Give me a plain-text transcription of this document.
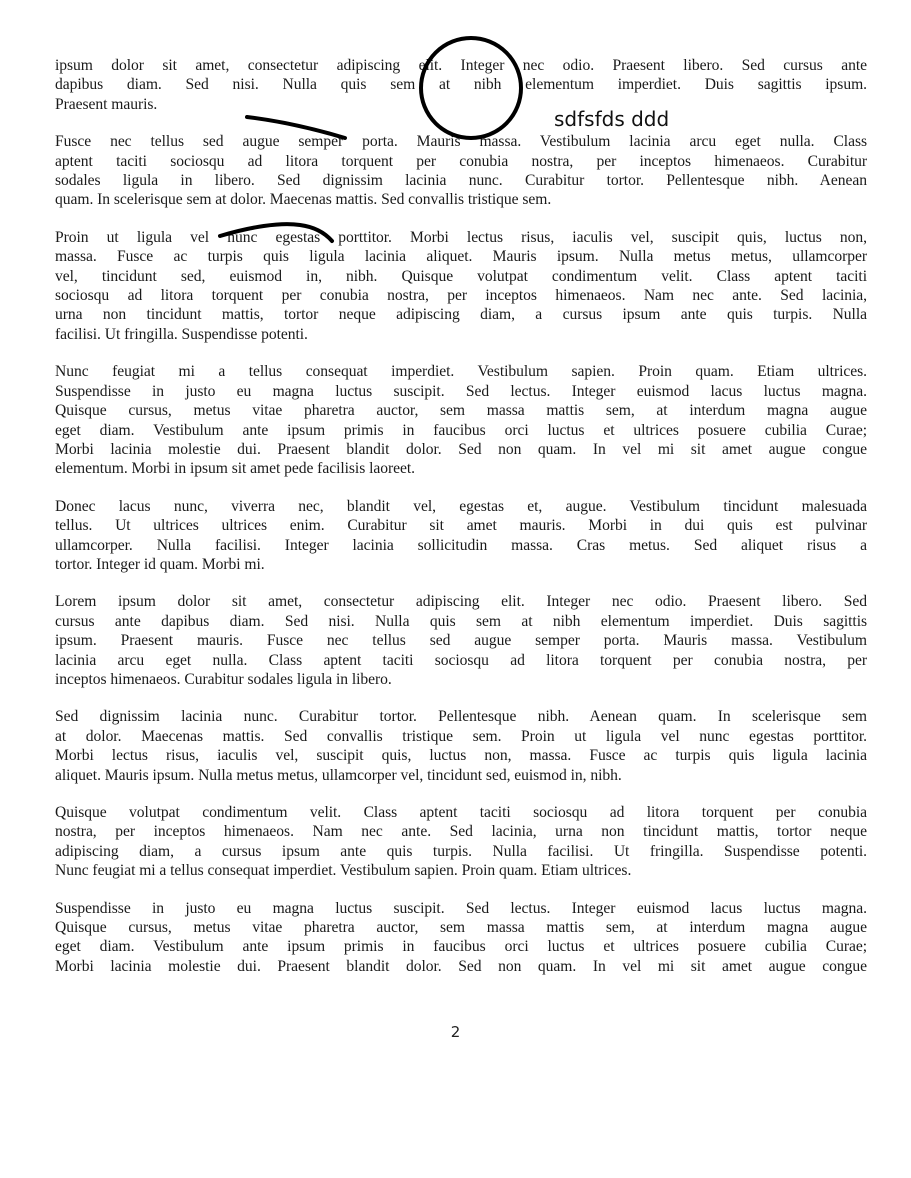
ipsum dolor sit amet, consectetur adipiscing elit. Integer nec odio. Praesent libero. Sed cursus ante
dapibus diam. Sed nisi. Nulla quis sem at nibh elementum imperdiet. Duis sagittis ipsum.
Praesent mauris.

Fusce nec tellus sed augue semper porta. Mauris massa. Vestibulum lacinia arcu eget nulla. Class
aptent taciti sociosqu ad litora torquent per conubia nostra, per inceptos himenaeos. Curabitur
sodales ligula in libero. Sed dignissim lacinia nunc. Curabitur tortor. Pellentesque nibh. Aenean
quam. In scelerisque sem at dolor. Maecenas mattis. Sed convallis tristique sem.

Proin ut ligula vel nunc egestas porttitor. Morbi lectus risus, iaculis vel, suscipit quis, luctus non,
massa. Fusce ac turpis quis ligula lacinia aliquet. Mauris ipsum. Nulla metus metus, ullamcorper
vel, tincidunt sed, euismod in, nibh. Quisque volutpat condimentum velit. Class aptent taciti
sociosqu ad litora torquent per conubia nostra, per inceptos himenaeos. Nam nec ante. Sed lacinia,
urna non tincidunt mattis, tortor neque adipiscing diam, a cursus ipsum ante quis turpis. Nulla
facilisi. Ut fringilla. Suspendisse potenti.

Nunc feugiat mi a tellus consequat imperdiet. Vestibulum sapien. Proin quam. Etiam ultrices.
Suspendisse in justo eu magna luctus suscipit. Sed lectus. Integer euismod lacus luctus magna.
Quisque cursus, metus vitae pharetra auctor, sem massa mattis sem, at interdum magna augue
eget diam. Vestibulum ante ipsum primis in faucibus orci luctus et ultrices posuere cubilia Curae;
Morbi lacinia molestie dui. Praesent blandit dolor. Sed non quam. In vel mi sit amet augue congue
elementum. Morbi in ipsum sit amet pede facilisis laoreet.

Donec lacus nunc, viverra nec, blandit vel, egestas et, augue. Vestibulum tincidunt malesuada
tellus. Ut ultrices ultrices enim. Curabitur sit amet mauris. Morbi in dui quis est pulvinar
ullamcorper. Nulla facilisi. Integer lacinia sollicitudin massa. Cras metus. Sed aliquet risus a
tortor. Integer id quam. Morbi mi.

Lorem ipsum dolor sit amet, consectetur adipiscing elit. Integer nec odio. Praesent libero. Sed
cursus ante dapibus diam. Sed nisi. Nulla quis sem at nibh elementum imperdiet. Duis sagittis
ipsum. Praesent mauris. Fusce nec tellus sed augue semper porta. Mauris massa. Vestibulum
lacinia arcu eget nulla. Class aptent taciti sociosqu ad litora torquent per conubia nostra, per
inceptos himenaeos. Curabitur sodales ligula in libero.

Sed dignissim lacinia nunc. Curabitur tortor. Pellentesque nibh. Aenean quam. In scelerisque sem
at dolor. Maecenas mattis. Sed convallis tristique sem. Proin ut ligula vel nunc egestas porttitor.
Morbi lectus risus, iaculis vel, suscipit quis, luctus non, massa. Fusce ac turpis quis ligula lacinia
aliquet. Mauris ipsum. Nulla metus metus, ullamcorper vel, tincidunt sed, euismod in, nibh.

Quisque volutpat condimentum velit. Class aptent taciti sociosqu ad litora torquent per conubia
nostra, per inceptos himenaeos. Nam nec ante. Sed lacinia, urna non tincidunt mattis, tortor neque
adipiscing diam, a cursus ipsum ante quis turpis. Nulla facilisi. Ut fringilla. Suspendisse potenti.
Nunc feugiat mi a tellus consequat imperdiet. Vestibulum sapien. Proin quam. Etiam ultrices.

Suspendisse in justo eu magna luctus suscipit. Sed lectus. Integer euismod lacus luctus magna.
Quisque cursus, metus vitae pharetra auctor, sem massa mattis sem, at interdum magna augue
eget diam. Vestibulum ante ipsum primis in faucibus orci luctus et ultrices posuere cubilia Curae;
Morbi lacinia molestie dui. Praesent blandit dolor. Sed non quam. In vel mi sit amet augue congue

sdfsfds ddd
2
